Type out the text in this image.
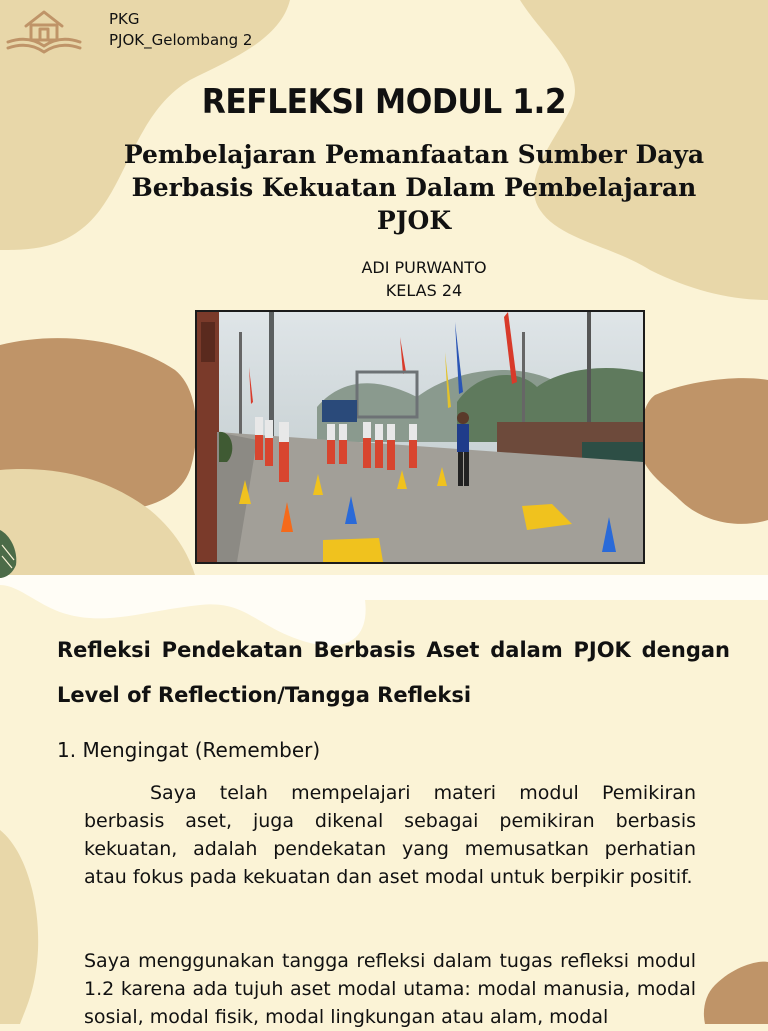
PKG
PJOK_Gelombang 2
REFLEKSI MODUL 1.2
Pembelajaran Pemanfaatan Sumber Daya Berbasis Kekuatan Dalam Pembelajaran PJOK
ADI PURWANTO
KELAS 24
Refleksi Pendekatan Berbasis Aset dalam PJOK dengan Level of Reflection/Tangga Refleksi
1. Mengingat (Remember)
Saya telah mempelajari materi modul Pemikiran berbasis aset, juga dikenal sebagai pemikiran berbasis kekuatan, adalah pendekatan yang memusatkan perhatian atau fokus pada kekuatan dan aset modal untuk berpikir positif.
Saya menggunakan tangga refleksi dalam tugas refleksi modul 1.2 karena ada tujuh aset modal utama: modal manusia, modal sosial, modal fisik, modal lingkungan atau alam, modal
